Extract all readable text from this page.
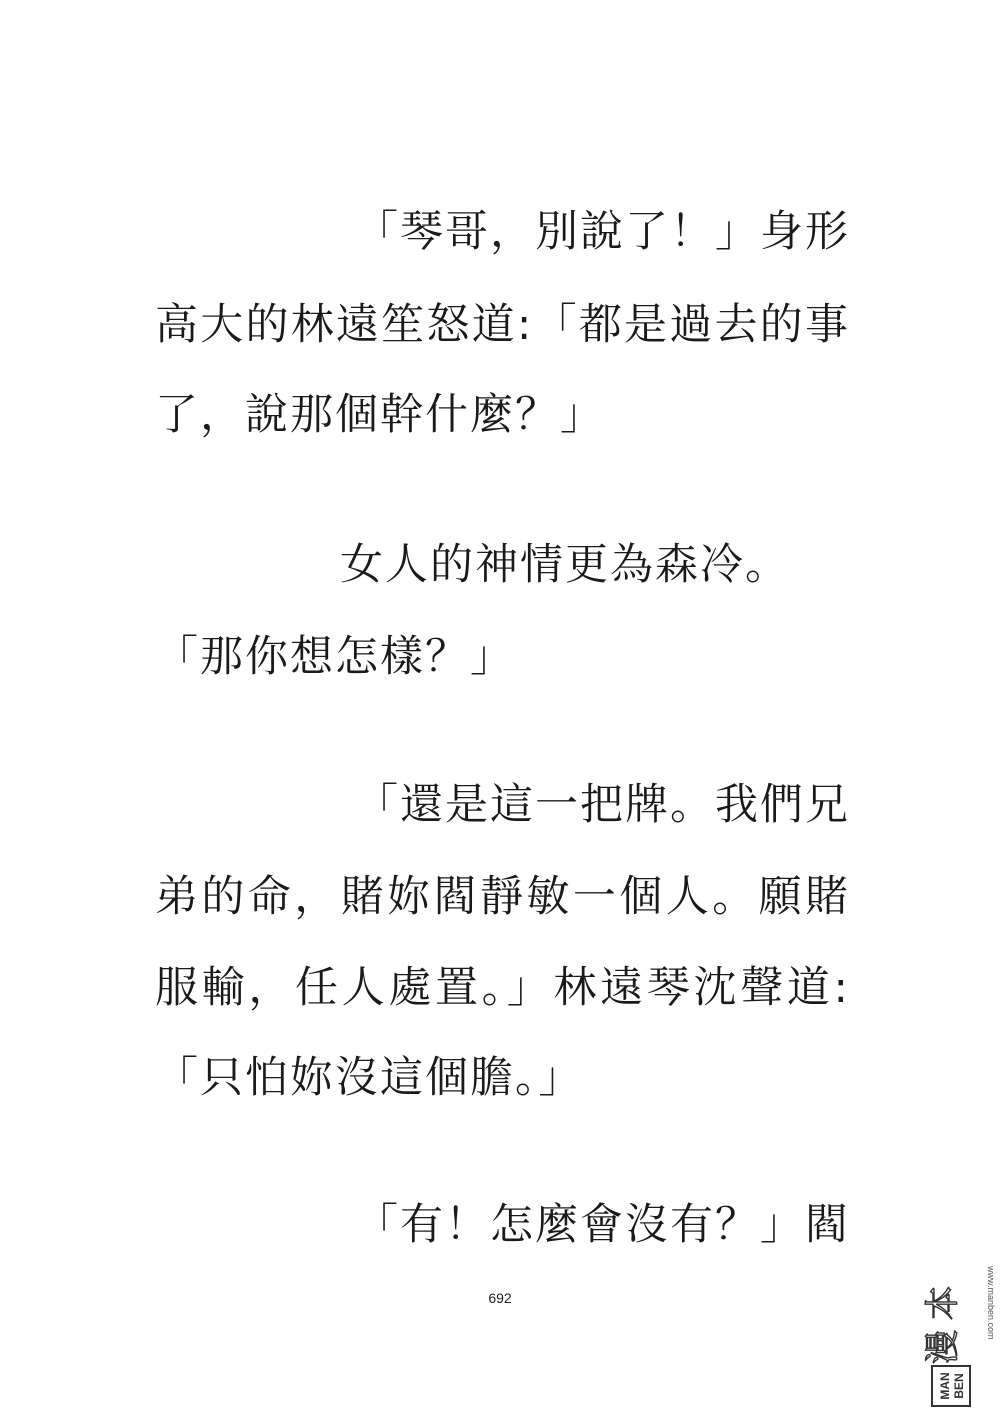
「琴哥，別說了！」身形
高大的林遠笙怒道:「都是過去的事
了，說那個幹什麼？」
女人的神情更為森冷。
「那你想怎樣？」
「還是這一把牌。我們兄
弟的命，賭妳閻靜敏一個人。願賭
服輸，任人處置。」林遠琴沈聲道:
「只怕妳沒這個膽。」
「有！怎麼會沒有？」閻
692	www.manben.com
本
漫
MAN BEN
